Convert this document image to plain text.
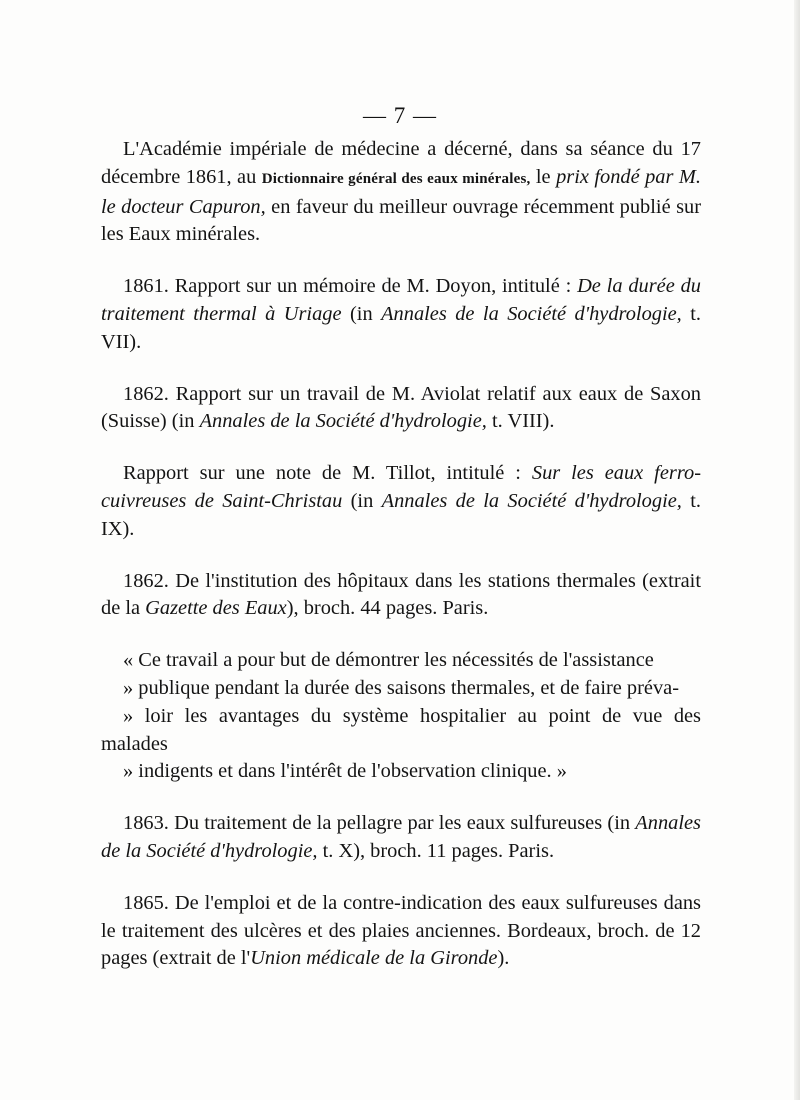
— 7 —

L'Académie impériale de médecine a décerné, dans sa séance du 17 décembre 1861, au Dictionnaire général des eaux minérales, le prix fondé par M. le docteur Capuron, en faveur du meilleur ouvrage récemment publié sur les Eaux minérales.

1861. Rapport sur un mémoire de M. Doyon, intitulé : De la durée du traitement thermal à Uriage (in Annales de la Société d'hydrologie, t. VII).

1862. Rapport sur un travail de M. Aviolat relatif aux eaux de Saxon (Suisse) (in Annales de la Société d'hydrologie, t. VIII).

Rapport sur une note de M. Tillot, intitulé : Sur les eaux ferro-cuivreuses de Saint-Christau (in Annales de la Société d'hydrologie, t. IX).

1862. De l'institution des hôpitaux dans les stations thermales (extrait de la Gazette des Eaux), broch. 44 pages. Paris.

« Ce travail a pour but de démontrer les nécessités de l'assistance
» publique pendant la durée des saisons thermales, et de faire préva-
» loir les avantages du système hospitalier au point de vue des malades
» indigents et dans l'intérêt de l'observation clinique. »

1863. Du traitement de la pellagre par les eaux sulfureuses (in Annales de la Société d'hydrologie, t. X), broch. 11 pages. Paris.

1865. De l'emploi et de la contre-indication des eaux sulfureuses dans le traitement des ulcères et des plaies anciennes. Bordeaux, broch. de 12 pages (extrait de l'Union médicale de la Gironde).
